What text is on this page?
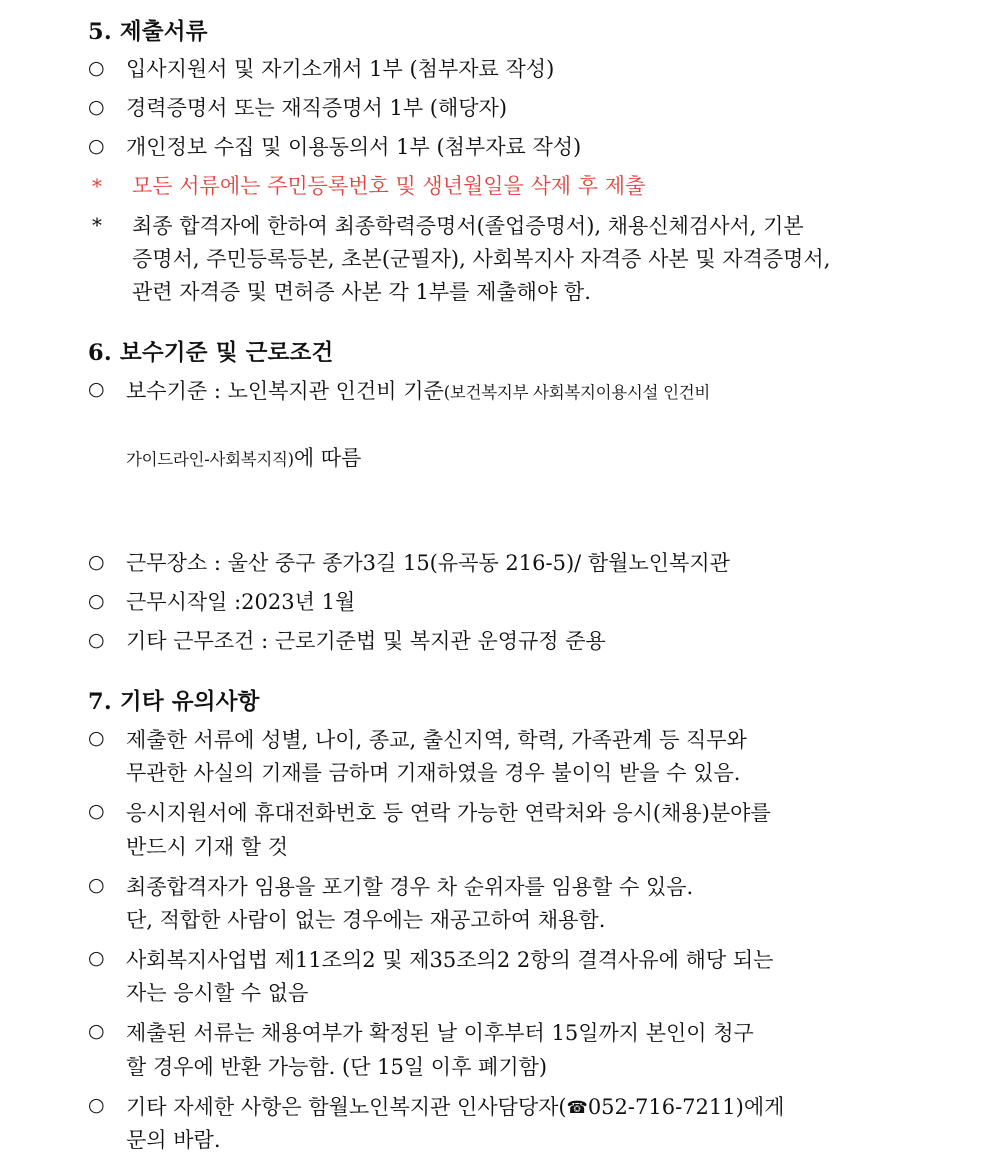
5. 제출서류
○	입사지원서 및 자기소개서 1부 (첨부자료 작성)
○	경력증명서 또는 재직증명서 1부 (해당자)
○	개인정보 수집 및 이용동의서 1부 (첨부자료 작성)
*	모든 서류에는 주민등록번호 및 생년월일을 삭제 후 제출
*	최종 합격자에 한하여 최종학력증명서(졸업증명서), 채용신체검사서, 기본
증명서, 주민등록등본, 초본(군필자), 사회복지사 자격증 사본 및 자격증명서,
관련 자격증 및 면허증 사본 각 1부를 제출해야 함.
6. 보수기준 및 근로조건
○	보수기준 : 노인복지관 인건비 기준(보건복지부 사회복지이용시설 인건비

가이드라인-사회복지직)에 따름

○	근무장소 : 울산 중구 종가3길 15(유곡동 216-5)/ 함월노인복지관
○	근무시작일 :2023년 1월
○	기타 근무조건 : 근로기준법 및 복지관 운영규정 준용
7. 기타 유의사항
○	제출한 서류에 성별, 나이, 종교, 출신지역, 학력, 가족관계 등 직무와
무관한 사실의 기재를 금하며 기재하였을 경우 불이익 받을 수 있음.
○	응시지원서에 휴대전화번호 등 연락 가능한 연락처와 응시(채용)분야를
반드시 기재 할 것
○	최종합격자가 임용을 포기할 경우 차 순위자를 임용할 수 있음.
단, 적합한 사람이 없는 경우에는 재공고하여 채용함.
○	사회복지사업법 제11조의2 및 제35조의2 2항의 결격사유에 해당 되는
자는 응시할 수 없음
○	제출된 서류는 채용여부가 확정된 날 이후부터 15일까지 본인이 청구
할 경우에 반환 가능함. (단 15일 이후 폐기함)
○	기타 자세한 사항은 함월노인복지관 인사담당자(☎052-716-7211)에게
문의 바람.
